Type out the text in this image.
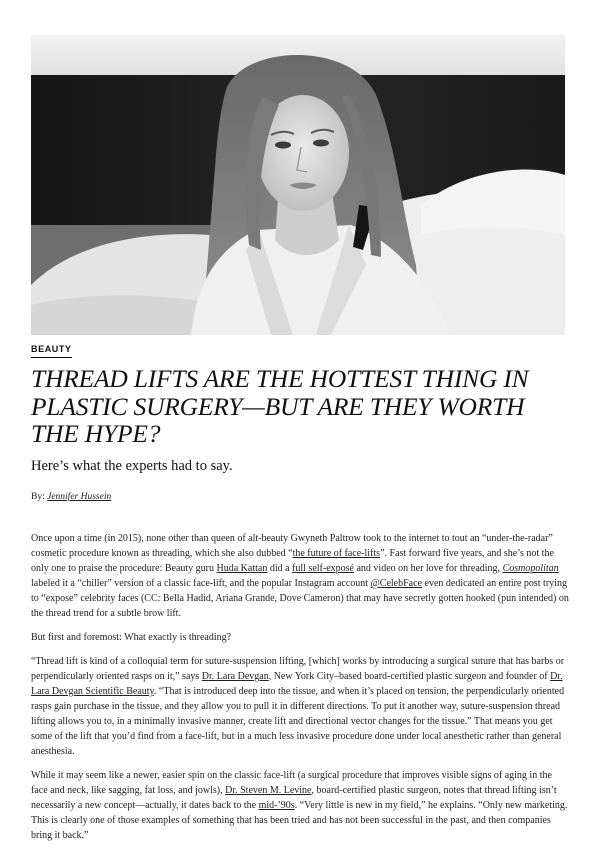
BEAUTY
THREAD LIFTS ARE THE HOTTEST THING IN PLASTIC SURGERY—BUT ARE THEY WORTH THE HYPE?
Here’s what the experts had to say.
By: Jennifer Hussein

Once upon a time (in 2015), none other than queen of alt-beauty Gwyneth Paltrow took to the internet to tout an “under-the-radar” cosmetic procedure known as threading, which she also dubbed “the future of face-lifts”. Fast forward five years, and she’s not the only one to praise the procedure: Beauty guru Huda Kattan did a full self-exposé and video on her love for threading, Cosmopolitan labeled it a “chiller” version of a classic face-lift, and the popular Instagram account @CelebFace even dedicated an entire post trying to “expose” celebrity faces (CC: Bella Hadid, Ariana Grande, Dove Cameron) that may have secretly gotten hooked (pun intended) on the thread trend for a subtle brow lift.

But first and foremost: What exactly is threading?

“Thread lift is kind of a colloquial term for suture-suspension lifting, [which] works by introducing a surgical suture that has barbs or perpendicularly oriented rasps on it,” says Dr. Lara Devgan, New York City–based board-certified plastic surgeon and founder of Dr. Lara Devgan Scientific Beauty. “That is introduced deep into the tissue, and when it’s placed on tension, the perpendicularly oriented rasps gain purchase in the tissue, and they allow you to pull it in different directions. To put it another way, suture-suspension thread lifting allows you to, in a minimally invasive manner, create lift and directional vector changes for the tissue.” That means you get some of the lift that you’d find from a face-lift, but in a much less invasive procedure done under local anesthetic rather than general anesthesia.

While it may seem like a newer, easier spin on the classic face-lift (a surgical procedure that improves visible signs of aging in the face and neck, like sagging, fat loss, and jowls), Dr. Steven M. Levine, board-certified plastic surgeon, notes that thread lifting isn’t necessarily a new concept—actually, it dates back to the mid-’90s. “Very little is new in my field,” he explains. “Only new marketing. This is clearly one of those examples of something that has been tried and has not been successful in the past, and then companies bring it back.”
